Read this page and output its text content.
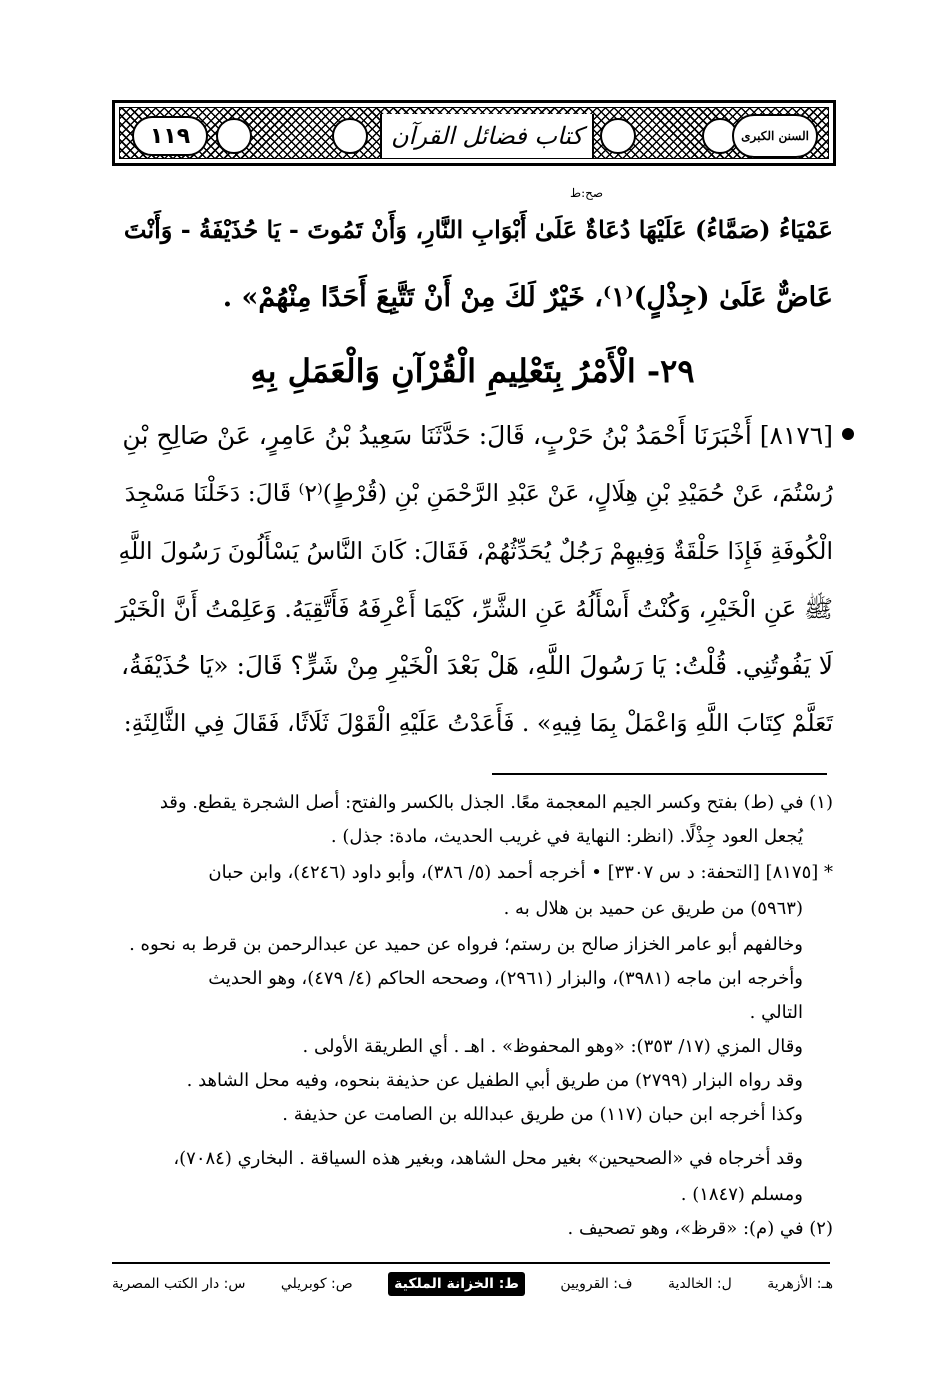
١١٩	كتاب فضائل القرآن	السنن الكبرى
صح:ط
عَمْيَاءُ (صَمَّاءُ) عَلَيْهَا دُعَاةٌ عَلَىٰ أَبْوَابِ النَّارِ، وَأَنْ تَمُوتَ - يَا حُذَيْفَةُ - وَأَنْتَ
عَاضٌّ عَلَىٰ (جِذْلٍ)⁽١⁾، خَيْرٌ لَكَ مِنْ أَنْ تَتَّبِعَ أَحَدًا مِنْهُمْ» .
٢٩- الْأَمْرُ بِتَعْلِيمِ الْقُرْآنِ وَالْعَمَلِ بِهِ
[٨١٧٦] أَخْبَرَنَا أَحْمَدُ بْنُ حَرْبٍ، قَالَ: حَدَّثَنَا سَعِيدُ بْنُ عَامِرٍ، عَنْ صَالِحِ بْنِ
رُسْتُمَ، عَنْ حُمَيْدِ بْنِ هِلَالٍ، عَنْ عَبْدِ الرَّحْمَنِ بْنِ (قُرْطٍ)⁽٢⁾ قَالَ: دَخَلْنَا مَسْجِدَ
الْكُوفَةِ فَإِذَا حَلْقَةٌ وَفِيهِمْ رَجُلٌ يُحَدِّثُهُمْ، فَقَالَ: كَانَ النَّاسُ يَسْأَلُونَ رَسُولَ اللَّهِ
ﷺ عَنِ الْخَيْرِ، وَكُنْتُ أَسْأَلُهُ عَنِ الشَّرِّ، كَيْمَا أَعْرِفَهُ فَأَتَّقِيَهُ. وَعَلِمْتُ أَنَّ الْخَيْرَ
لَا يَفُوتُنِي. قُلْتُ: يَا رَسُولَ اللَّهِ، هَلْ بَعْدَ الْخَيْرِ مِنْ شَرٍّ؟ قَالَ: «يَا حُذَيْفَةُ،
تَعَلَّمْ كِتَابَ اللَّهِ وَاعْمَلْ بِمَا فِيهِ» . فَأَعَدْتُ عَلَيْهِ الْقَوْلَ ثَلَاثًا، فَقَالَ فِي الثَّالِثَةِ:
(١) في (ط) بفتح وكسر الجيم المعجمة معًا. الجذل بالكسر والفتح: أصل الشجرة يقطع. وقد
يُجعل العود جِذْلًا. (انظر: النهاية في غريب الحديث، مادة: جذل) .
* [٨١٧٥] [التحفة: د س ٣٣٠٧] • أخرجه أحمد (٥/ ٣٨٦)، وأبو داود (٤٢٤٦)، وابن حبان
(٥٩٦٣) من طريق عن حميد بن هلال به .
وخالفهم أبو عامر الخزاز صالح بن رستم؛ فرواه عن حميد عن عبدالرحمن بن قرط به نحوه .
وأخرجه ابن ماجه (٣٩٨١)، والبزار (٢٩٦١)، وصححه الحاكم (٤/ ٤٧٩)، وهو الحديث
التالي .
وقال المزي (١٧/ ٣٥٣): «وهو المحفوظ» . اهـ . أي الطريقة الأولى .
وقد رواه البزار (٢٧٩٩) من طريق أبي الطفيل عن حذيفة بنحوه، وفيه محل الشاهد .
وكذا أخرجه ابن حبان (١١٧) من طريق عبدالله بن الصامت عن حذيفة .
وقد أخرجاه في «الصحيحين» بغير محل الشاهد، وبغير هذه السياقة . البخاري (٧٠٨٤)،
ومسلم (١٨٤٧) .
(٢) في (م): «قرظ»، وهو تصحيف .
س: دار الكتب المصرية	ص: كوبريلي	ط: الخزانة الملكية	ف: القرويين	ل: الخالدية	هـ: الأزهرية
